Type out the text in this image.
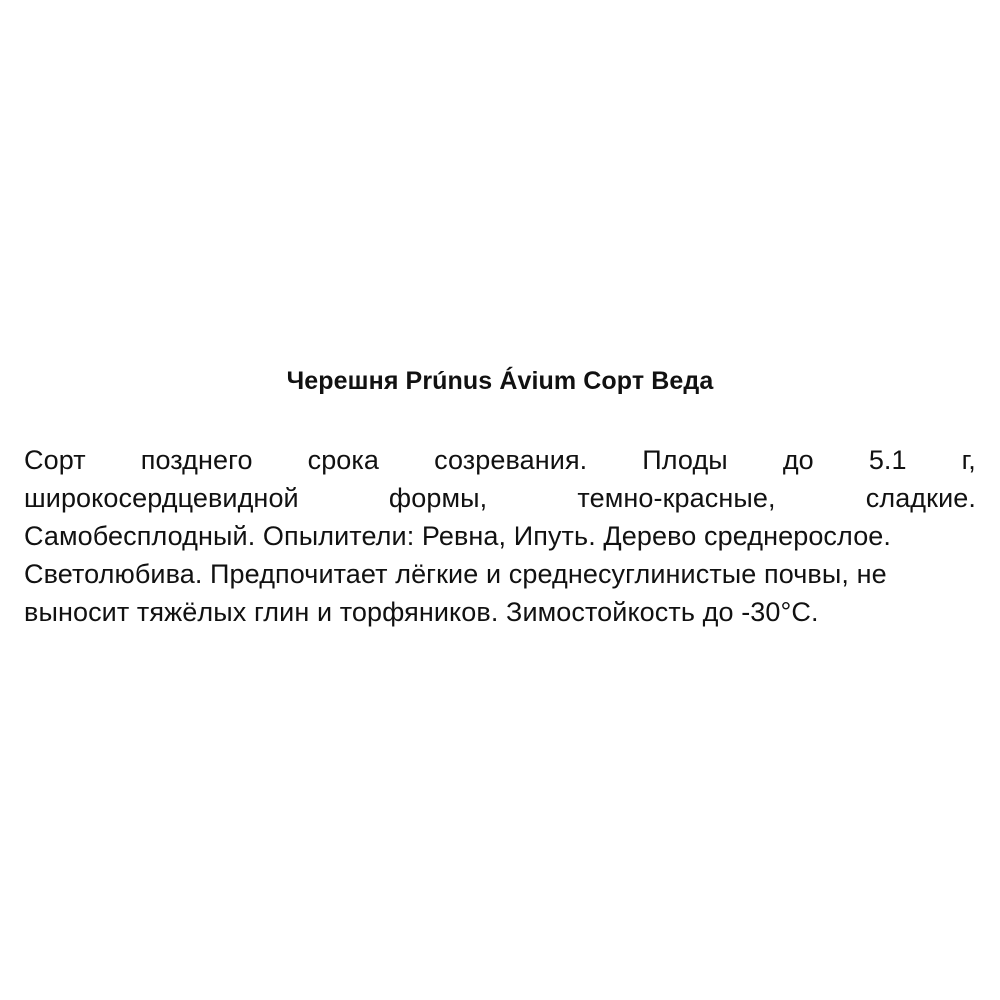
Черешня Prúnus Ávium Сорт Веда
Сорт позднего срока созревания. Плоды до 5.1 г,
широкосердцевидной	формы,	темно-красные,	сладкие.
Самобесплодный. Опылители: Ревна, Ипуть. Дерево среднерослое.
Светолюбива. Предпочитает лёгкие и среднесуглинистые почвы, не
выносит тяжёлых глин и торфяников. Зимостойкость до -30°С.
